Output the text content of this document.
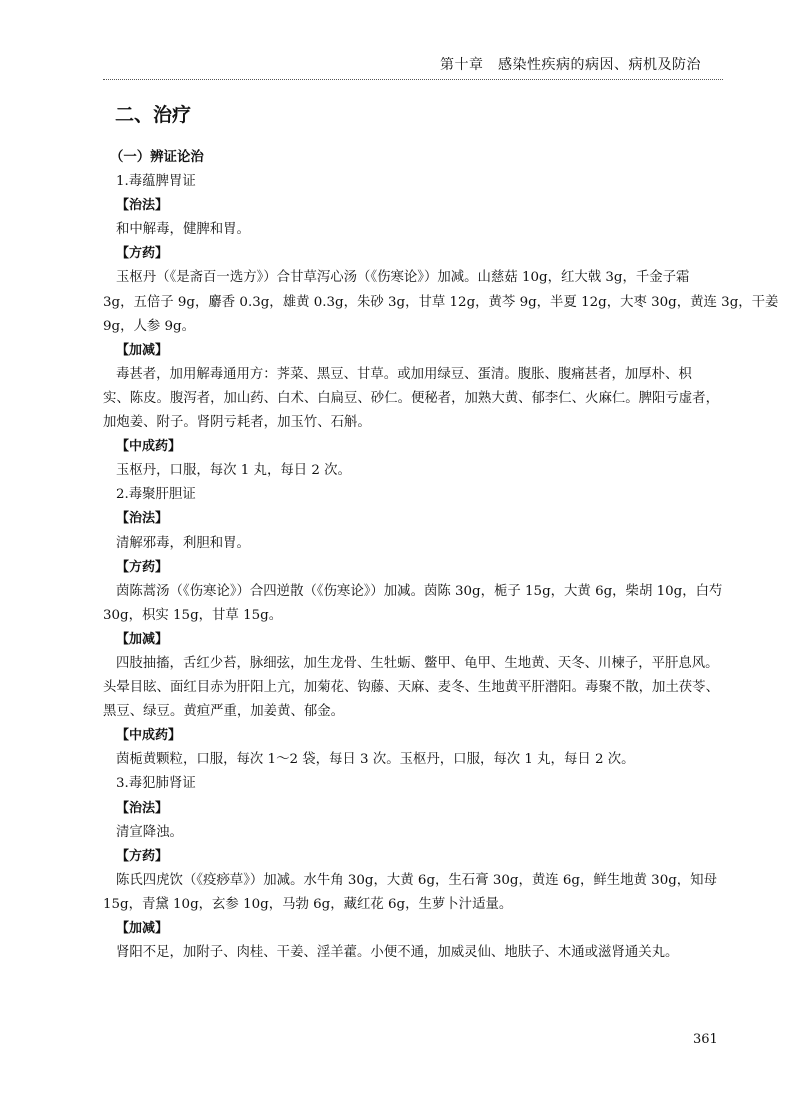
第十章　感染性疾病的病因、病机及防治
二、治疗
（一）辨证论治
1.毒蕴脾胃证
【治法】
和中解毒，健脾和胃。
【方药】
玉枢丹（《是斋百一选方》）合甘草泻心汤（《伤寒论》）加减。山慈菇 10g，红大戟 3g，千金子霜
3g，五倍子 9g，麝香 0.3g，雄黄 0.3g，朱砂 3g，甘草 12g，黄芩 9g，半夏 12g，大枣 30g，黄连 3g，干姜
9g，人参 9g。
【加减】
毒甚者，加用解毒通用方：荠菜、黑豆、甘草。或加用绿豆、蛋清。腹胀、腹痛甚者，加厚朴、枳
实、陈皮。腹泻者，加山药、白术、白扁豆、砂仁。便秘者，加熟大黄、郁李仁、火麻仁。脾阳亏虚者，
加炮姜、附子。肾阴亏耗者，加玉竹、石斛。
【中成药】
玉枢丹，口服，每次 1 丸，每日 2 次。
2.毒聚肝胆证
【治法】
清解邪毒，利胆和胃。
【方药】
茵陈蒿汤（《伤寒论》）合四逆散（《伤寒论》）加减。茵陈 30g，栀子 15g，大黄 6g，柴胡 10g，白芍
30g，枳实 15g，甘草 15g。
【加减】
四肢抽搐，舌红少苔，脉细弦，加生龙骨、生牡蛎、鳖甲、龟甲、生地黄、天冬、川楝子，平肝息风。
头晕目眩、面红目赤为肝阳上亢，加菊花、钩藤、天麻、麦冬、生地黄平肝潜阳。毒聚不散，加土茯苓、
黑豆、绿豆。黄疸严重，加姜黄、郁金。
【中成药】
茵栀黄颗粒，口服，每次 1～2 袋，每日 3 次。玉枢丹，口服，每次 1 丸，每日 2 次。
3.毒犯肺肾证
【治法】
清宣降浊。
【方药】
陈氏四虎饮（《疫痧草》）加减。水牛角 30g，大黄 6g，生石膏 30g，黄连 6g，鲜生地黄 30g，知母
15g，青黛 10g，玄参 10g，马勃 6g，藏红花 6g，生萝卜汁适量。
【加减】
肾阳不足，加附子、肉桂、干姜、淫羊藿。小便不通，加威灵仙、地肤子、木通或滋肾通关丸。
361
